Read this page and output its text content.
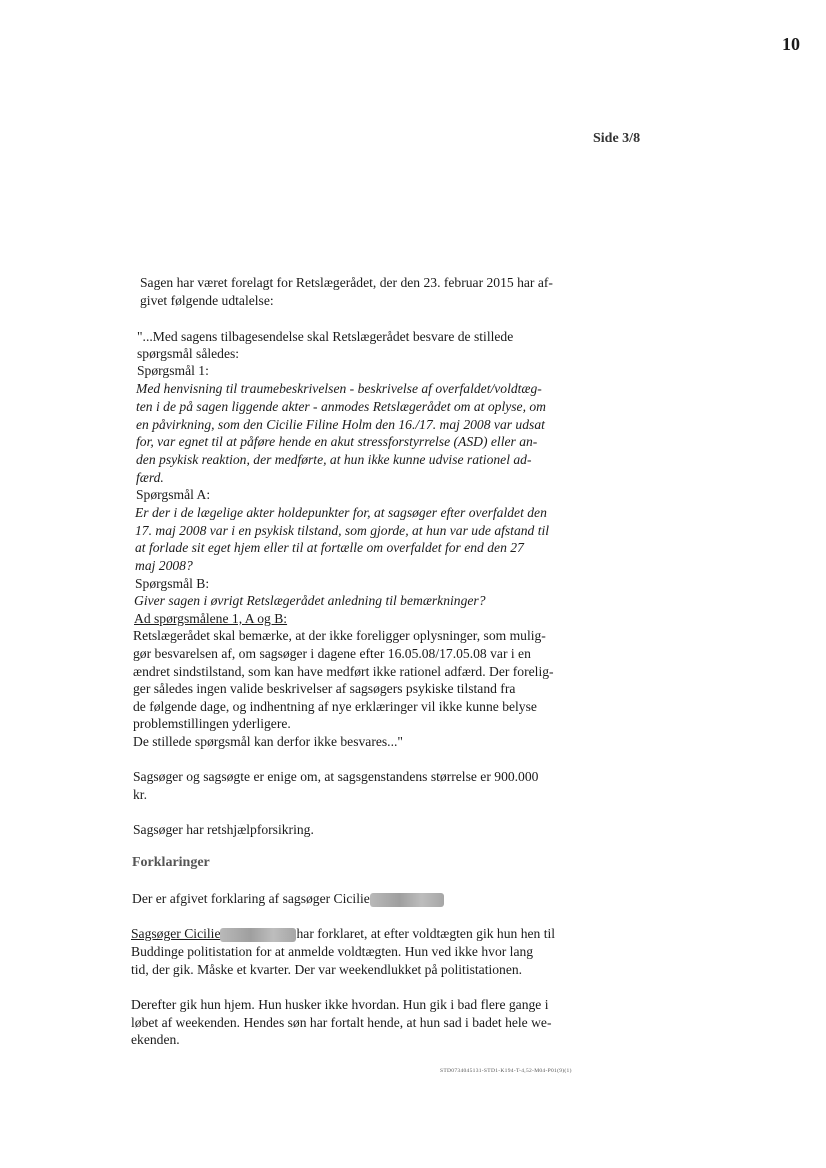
10
Side 3/8
Sagen har været forelagt for Retslægerådet, der den 23. februar 2015 har af-
givet følgende udtalelse:
"...Med sagens tilbagesendelse skal Retslægerådet besvare de stillede
spørgsmål således:
Spørgsmål 1:
Med henvisning til traumebeskrivelsen - beskrivelse af overfaldet/voldtæg-
ten i de på sagen liggende akter - anmodes Retslægerådet om at oplyse, om
en påvirkning, som den Cicilie Filine Holm den 16./17. maj 2008 var udsat
for, var egnet til at påføre hende en akut stressforstyrrelse (ASD) eller an-
den psykisk reaktion, der medførte, at hun ikke kunne udvise rationel ad-
færd.
Spørgsmål A:
Er der i de lægelige akter holdepunkter for, at sagsøger efter overfaldet den
17. maj 2008 var i en psykisk tilstand, som gjorde, at hun var ude afstand til
at forlade sit eget hjem eller til at fortælle om overfaldet for end den 27
maj 2008?
Spørgsmål B:
Giver sagen i øvrigt Retslægerådet anledning til bemærkninger?
Ad spørgsmålene 1, A og B:
Retslægerådet skal bemærke, at der ikke foreligger oplysninger, som mulig-
gør besvarelsen af, om sagsøger i dagene efter 16.05.08/17.05.08 var i en
ændret sindstilstand, som kan have medført ikke rationel adfærd. Der forelig-
ger således ingen valide beskrivelser af sagsøgers psykiske tilstand fra
de følgende dage, og indhentning af nye erklæringer vil ikke kunne belyse
problemstillingen yderligere.
De stillede spørgsmål kan derfor ikke besvares..."
Sagsøger og sagsøgte er enige om, at sagsgenstandens størrelse er 900.000
kr.
Sagsøger har retshjælpforsikring.
Forklaringer
Der er afgivet forklaring af sagsøger Cicilie
Sagsøger Cicilie	har forklaret, at efter voldtægten gik hun hen til
Buddinge politistation for at anmelde voldtægten. Hun ved ikke hvor lang
tid, der gik. Måske et kvarter. Der var weekendlukket på politistationen.
Derefter gik hun hjem. Hun husker ikke hvordan. Hun gik i bad flere gange i
løbet af weekenden. Hendes søn har fortalt hende, at hun sad i badet hele we-
ekenden.
STD0734045131-STD1-K194-T-4,52-M04-P01(9)(1)
